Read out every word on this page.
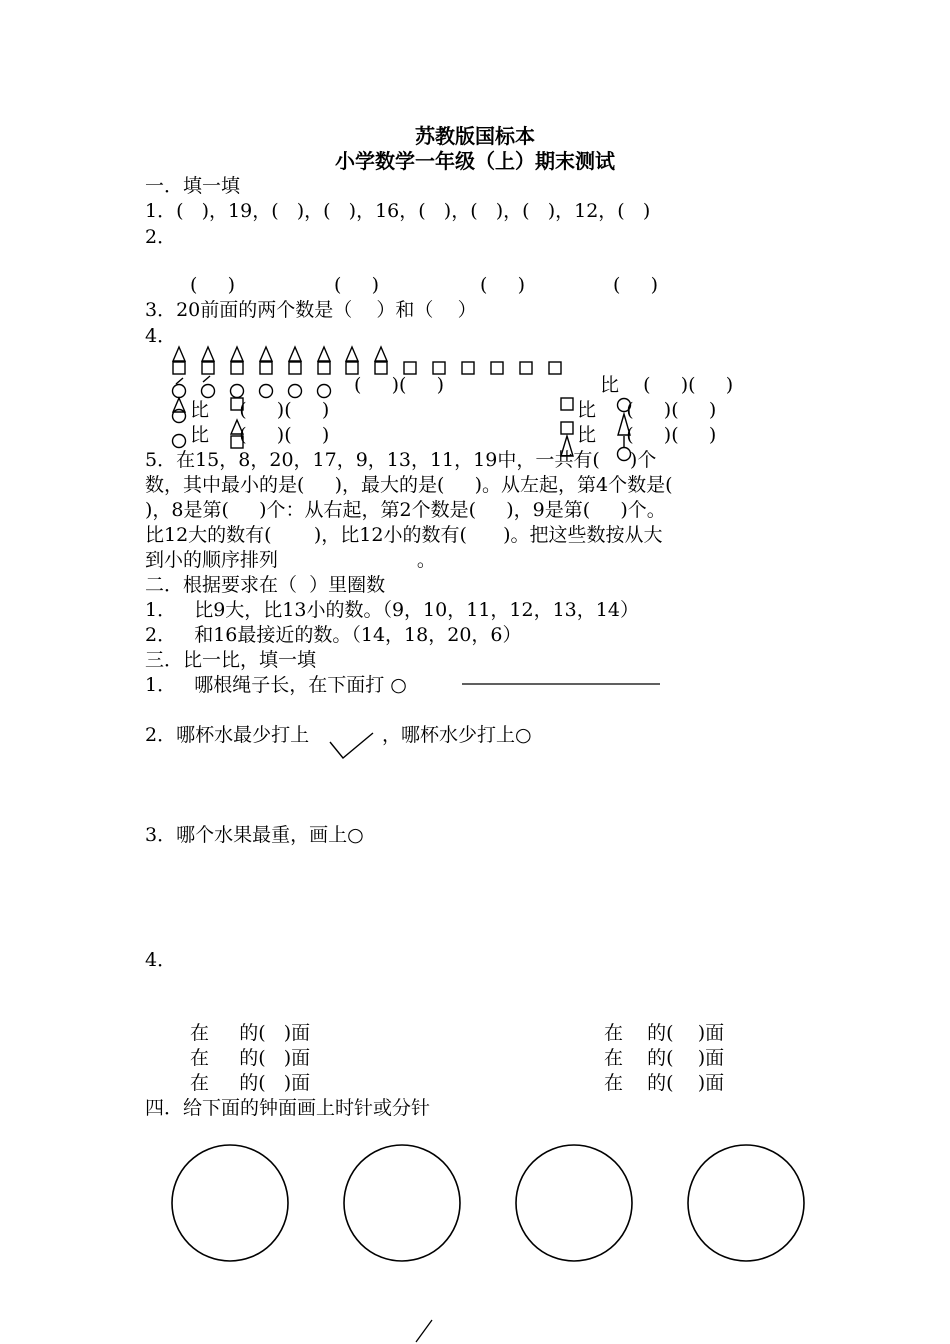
苏教版国标本
小学数学一年级（上）期末测试
一．填一填
1．(   )，19，(   )，(   )，16，(   )，(   )，(   )，12，(   )
2．
(     )	(     )	(     )	(     )
3．20前面的两个数是（    ）和（    ）
4．
(     )(     )
比     (     )(     )
比     (     )(     )
比    (     )(     )
比     (     )(     )
比     (     )(     )
5．在15，8，20，17，9，13，11，19中，一共有(     )个
数，其中最小的是(     )，最大的是(     )。从左起，第4个数是(
)，8是第(     )个：从右起，第2个数是(     )，9是第(     )个。
比12大的数有(       )，比12小的数有(      )。把这些数按从大
到小的顺序排列                       。
二．根据要求在（  ）里圈数
1．   比9大，比13小的数。（9，10，11，12，13，14）
2．   和16最接近的数。（14，18，20，6）
三．比一比，填一填
1．   哪根绳子长，在下面打 ○
2．哪杯水最少打上	，哪杯水少打上○
3．哪个水果最重，画上○
4．
在     的(   )面
在     的(   )面
在     的(   )面
在    的(    )面
在    的(    )面
在    的(    )面
四．给下面的钟面画上时针或分针
